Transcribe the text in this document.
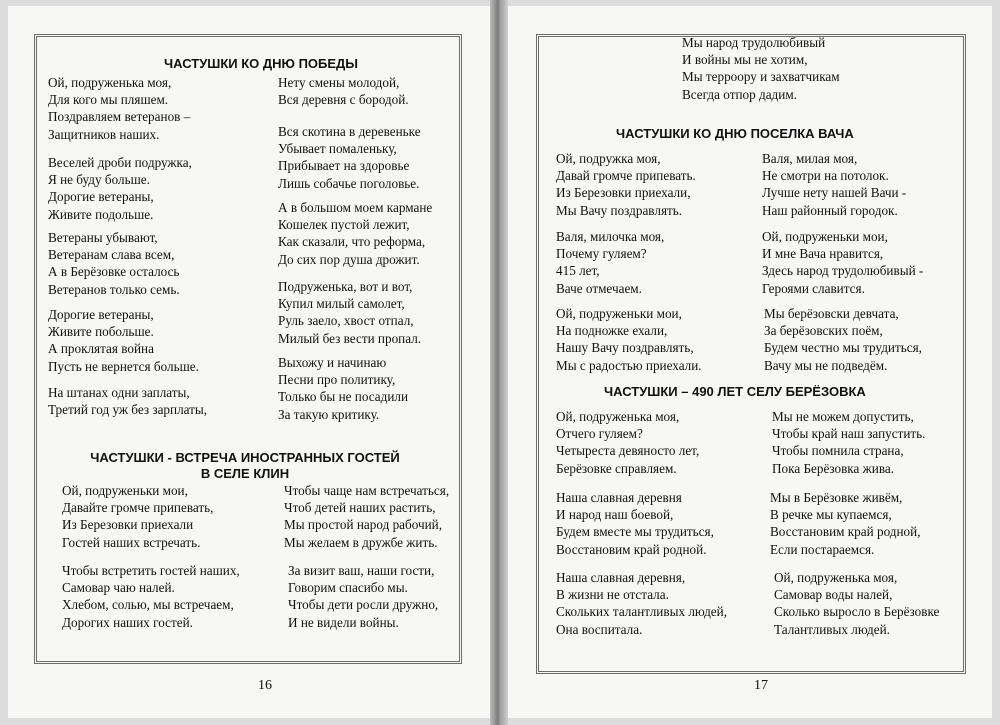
ЧАСТУШКИ КО ДНЮ ПОБЕДЫ
Ой, подруженька моя,
Для кого мы пляшем.
Поздравляем ветеранов –
Защитников наших.
Веселей дроби подружка,
Я не буду больше.
Дорогие ветераны,
Живите подольше.
Ветераны убывают,
Ветеранам слава всем,
А в Берёзовке осталось
Ветеранов только семь.
Дорогие ветераны,
Живите побольше.
А проклятая война
Пусть не вернется больше.
На штанах одни заплаты,
Третий год уж без зарплаты,
Нету смены молодой,
Вся деревня с бородой.
Вся скотина в деревеньке
Убывает помаленьку,
Прибывает на здоровье
Лишь собачье поголовье.
А в большом моем кармане
Кошелек пустой лежит,
Как сказали, что реформа,
До сих пор душа дрожит.
Подруженька, вот и вот,
Купил милый самолет,
Руль заело, хвост отпал,
Милый без вести пропал.
Выхожу и начинаю
Песни про политику,
Только бы не посадили
За такую критику.
ЧАСТУШКИ - ВСТРЕЧА ИНОСТРАННЫХ ГОСТЕЙ
В СЕЛЕ КЛИН
Ой, подруженьки мои,
Давайте громче припевать,
Из Березовки приехали
Гостей наших встречать.
Чтобы чаще нам встречаться,
Чтоб детей наших растить,
Мы простой народ рабочий,
Мы желаем в дружбе жить.
Чтобы встретить гостей наших,
Самовар чаю налей.
Хлебом, солью, мы встречаем,
Дорогих наших гостей.
За визит ваш, наши гости,
Говорим спасибо мы.
Чтобы дети росли дружно,
И не видели войны.
16
Мы народ трудолюбивый
И войны мы не хотим,
Мы терроору и захватчикам
Всегда отпор дадим.
ЧАСТУШКИ КО ДНЮ ПОСЕЛКА ВАЧА
Ой, подружка моя,
Давай громче припевать.
Из Березовки приехали,
Мы Вачу поздравлять.
Валя, милая моя,
Не смотри на потолок.
Лучше нету нашей Вачи -
Наш районный городок.
Валя, милочка моя,
Почему гуляем?
415 лет,
Ваче отмечаем.
Ой, подруженьки мои,
И мне Вача нравится,
Здесь народ трудолюбивый -
Героями славится.
Ой, подруженьки мои,
На подножке ехали,
Нашу Вачу поздравлять,
Мы с радостью приехали.
Мы берёзовски девчата,
За берёзовских поём,
Будем честно мы трудиться,
Вачу мы не подведём.
ЧАСТУШКИ – 490 ЛЕТ СЕЛУ БЕРЁЗОВКА
Ой, подруженька моя,
Отчего гуляем?
Четыреста девяносто лет,
Берёзовке справляем.
Мы не можем допустить,
Чтобы край наш запустить.
Чтобы помнила страна,
Пока Берёзовка жива.
Наша славная деревня
И народ наш боевой,
Будем вместе мы трудиться,
Восстановим край родной.
Мы в Берёзовке живём,
В речке мы купаемся,
Восстановим край родной,
Если постараемся.
Наша славная деревня,
В жизни не отстала.
Скольких талантливых людей,
Она воспитала.
Ой, подруженька моя,
Самовар воды налей,
Сколько выросло в Берёзовке
Талантливых людей.
17
